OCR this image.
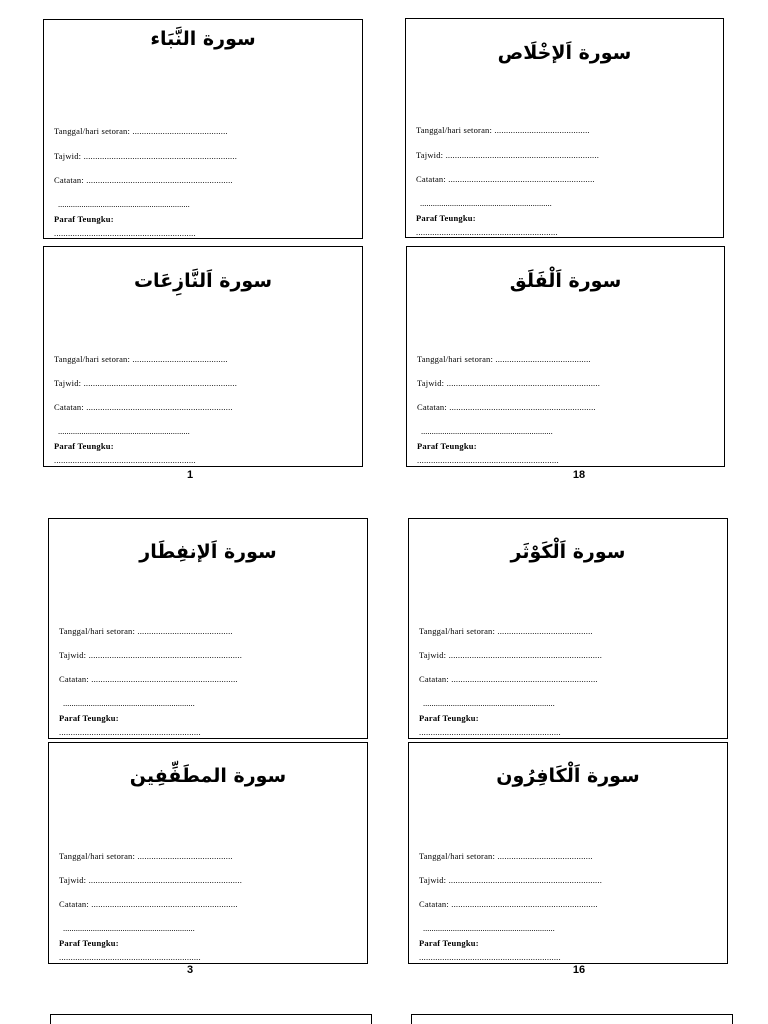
سورة النَّبَاء
Tanggal/hari setoran: .........................................
Tajwid: ..................................................................
Catatan: ...............................................................
..............................................................
Paraf Teungku:
.............................................................
سورة اَلإخْلَاص
Tanggal/hari setoran: .........................................
Tajwid: ..................................................................
Catatan: ...............................................................
..............................................................
Paraf Teungku:
.............................................................
سورة اَلنَّازِعَات
Tanggal/hari setoran: .........................................
Tajwid: ..................................................................
Catatan: ...............................................................
..............................................................
Paraf Teungku:
.............................................................
سورة اَلْفَلَق
Tanggal/hari setoran: .........................................
Tajwid: ..................................................................
Catatan: ...............................................................
..............................................................
Paraf Teungku:
.............................................................
1	18
سورة اَلإنفِطَار
Tanggal/hari setoran: .........................................
Tajwid: ..................................................................
Catatan: ...............................................................
..............................................................
Paraf Teungku:
.............................................................
سورة اَلْكَوْثَر
Tanggal/hari setoran: .........................................
Tajwid: ..................................................................
Catatan: ...............................................................
..............................................................
Paraf Teungku:
.............................................................
سورة المطَفِّفِين
Tanggal/hari setoran: .........................................
Tajwid: ..................................................................
Catatan: ...............................................................
..............................................................
Paraf Teungku:
.............................................................
سورة اَلْكَافِرُون
Tanggal/hari setoran: .........................................
Tajwid: ..................................................................
Catatan: ...............................................................
..............................................................
Paraf Teungku:
.............................................................
3	16
